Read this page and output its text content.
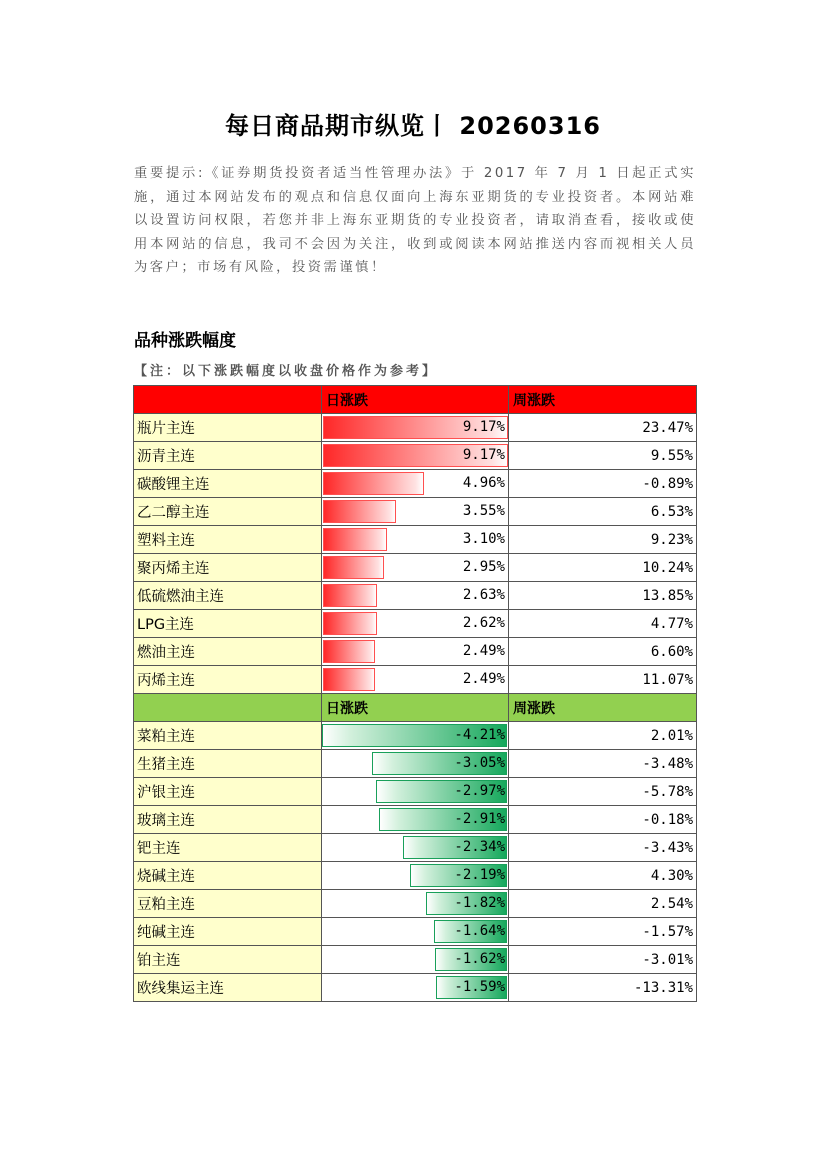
每日商品期市纵览丨 20260316

重要提示:《证券期货投资者适当性管理办法》于 2017 年 7 月 1 日起正式实施，通过本网站发布的观点和信息仅面向上海东亚期货的专业投资者。本网站难以设置访问权限，若您并非上海东亚期货的专业投资者，请取消查看，接收或使用本网站的信息，我司不会因为关注，收到或阅读本网站推送内容而视相关人员为客户；市场有风险，投资需谨慎！

品种涨跌幅度
【注：以下涨跌幅度以收盘价格作为参考】
	日涨跌	周涨跌
瓶片主连	9.17%	23.47%
沥青主连	9.17%	9.55%
碳酸锂主连	4.96%	-0.89%
乙二醇主连	3.55%	6.53%
塑料主连	3.10%	9.23%
聚丙烯主连	2.95%	10.24%
低硫燃油主连	2.63%	13.85%
LPG主连	2.62%	4.77%
燃油主连	2.49%	6.60%
丙烯主连	2.49%	11.07%
	日涨跌	周涨跌
菜粕主连	-4.21%	2.01%
生猪主连	-3.05%	-3.48%
沪银主连	-2.97%	-5.78%
玻璃主连	-2.91%	-0.18%
钯主连	-2.34%	-3.43%
烧碱主连	-2.19%	4.30%
豆粕主连	-1.82%	2.54%
纯碱主连	-1.64%	-1.57%
铂主连	-1.62%	-3.01%
欧线集运主连	-1.59%	-13.31%
